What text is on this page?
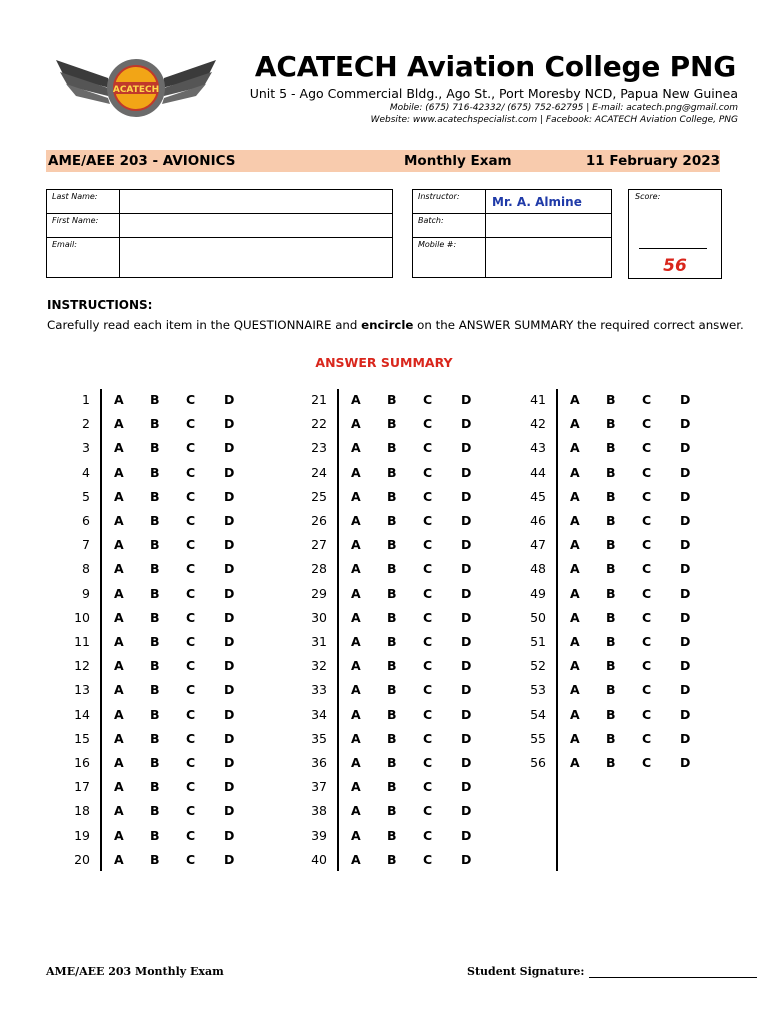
ACATECH
ACATECH Aviation College PNG
Unit 5 - Ago Commercial Bldg., Ago St., Port Moresby NCD, Papua New Guinea
Mobile: (675) 716-42332/ (675) 752-62795 | E-mail: acatech.png@gmail.com
Website: www.acatechspecialist.com | Facebook: ACATECH Aviation College, PNG
AME/AEE 203 - AVIONICS	Monthly Exam	11 February 2023
Last Name:	
First Name:	
Email:	
Instructor:	Mr. A. Almine
Batch:	
Mobile #:	
Score:
56
INSTRUCTIONS:
Carefully read each item in the QUESTIONNAIRE and encircle on the ANSWER SUMMARY the required correct answer.
ANSWER SUMMARY
1 A B C D
2 A B C D
3 A B C D
4 A B C D
5 A B C D
6 A B C D
7 A B C D
8 A B C D
9 A B C D
10 A B C D
11 A B C D
12 A B C D
13 A B C D
14 A B C D
15 A B C D
16 A B C D
17 A B C D
18 A B C D
19 A B C D
20 A B C D
21 A B C D
22 A B C D
23 A B C D
24 A B C D
25 A B C D
26 A B C D
27 A B C D
28 A B C D
29 A B C D
30 A B C D
31 A B C D
32 A B C D
33 A B C D
34 A B C D
35 A B C D
36 A B C D
37 A B C D
38 A B C D
39 A B C D
40 A B C D
41 A B C D
42 A B C D
43 A B C D
44 A B C D
45 A B C D
46 A B C D
47 A B C D
48 A B C D
49 A B C D
50 A B C D
51 A B C D
52 A B C D
53 A B C D
54 A B C D
55 A B C D
56 A B C D
AME/AEE 203 Monthly Exam	Student Signature:
